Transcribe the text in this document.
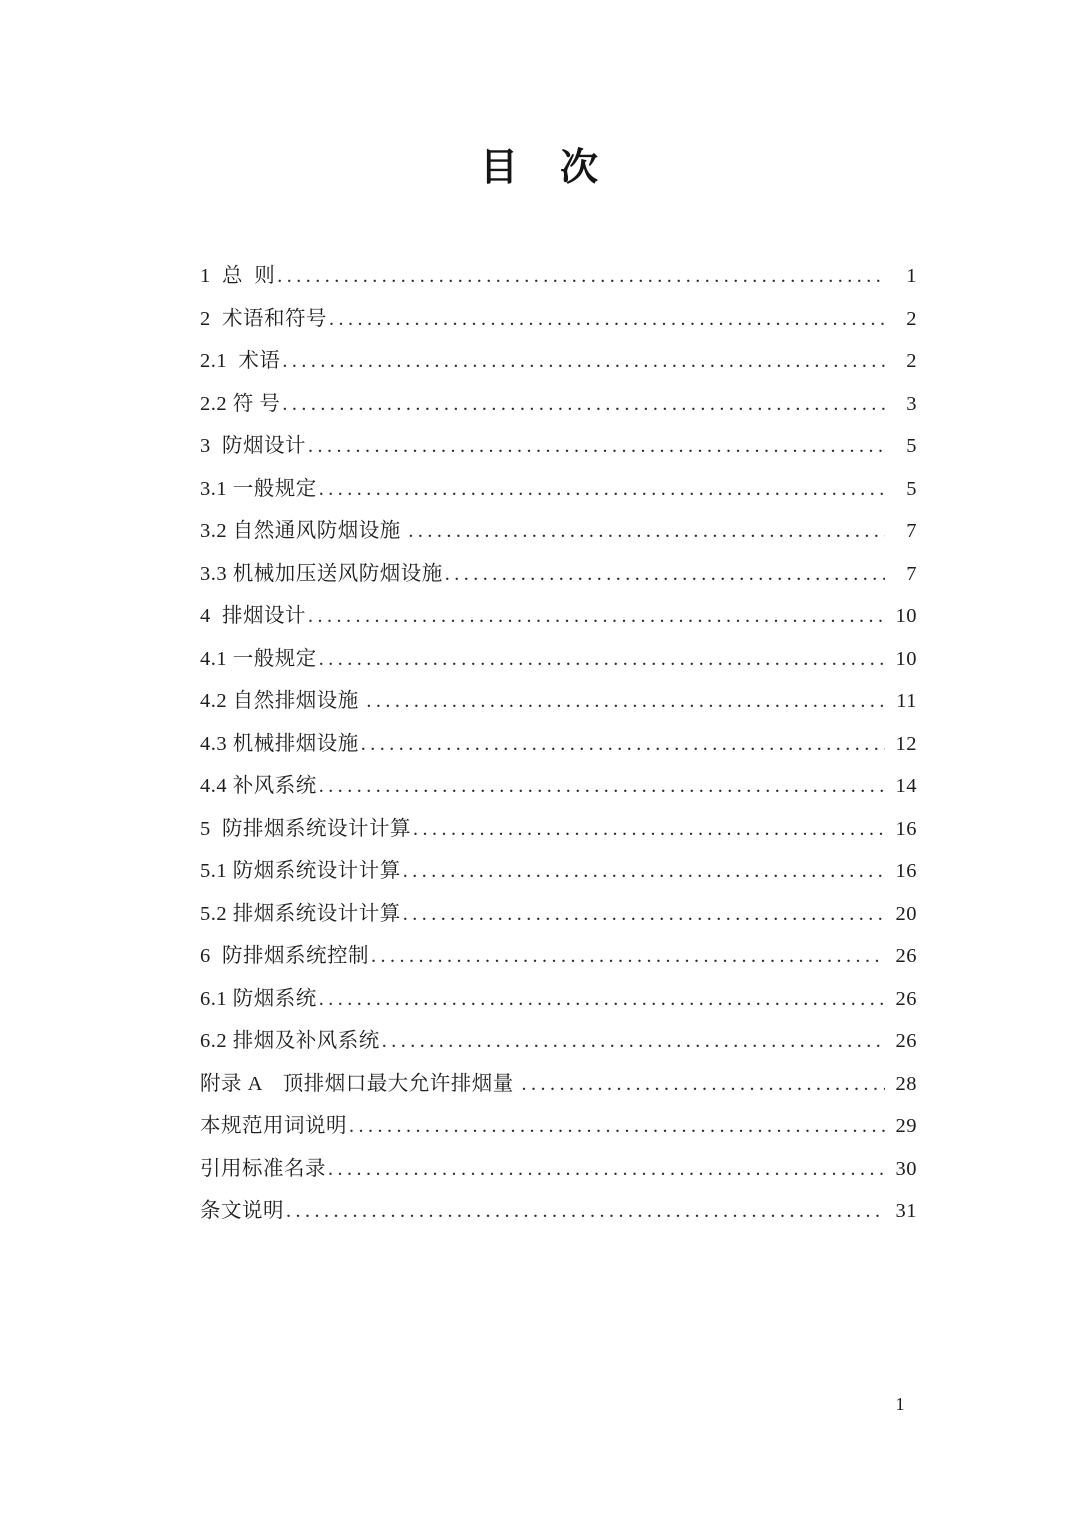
目　次
1  总  则 .....	1
2  术语和符号 .....	2
2.1  术语 .....	2
2.2 符 号 .....	3
3  防烟设计 .....	5
3.1 一般规定 .....	5
3.2 自然通风防烟设施 .....	7
3.3 机械加压送风防烟设施 .....	7
4  排烟设计 .....	10
4.1 一般规定 .....	10
4.2 自然排烟设施 .....	11
4.3 机械排烟设施 .....	12
4.4 补风系统 .....	14
5  防排烟系统设计计算 .....	16
5.1 防烟系统设计计算 .....	16
5.2 排烟系统设计计算 .....	20
6  防排烟系统控制 .....	26
6.1 防烟系统 .....	26
6.2 排烟及补风系统 .....	26
附录 A　顶排烟口最大允许排烟量 .....	28
本规范用词说明 .....	29
引用标准名录 .....	30
条文说明 .....	31
1
